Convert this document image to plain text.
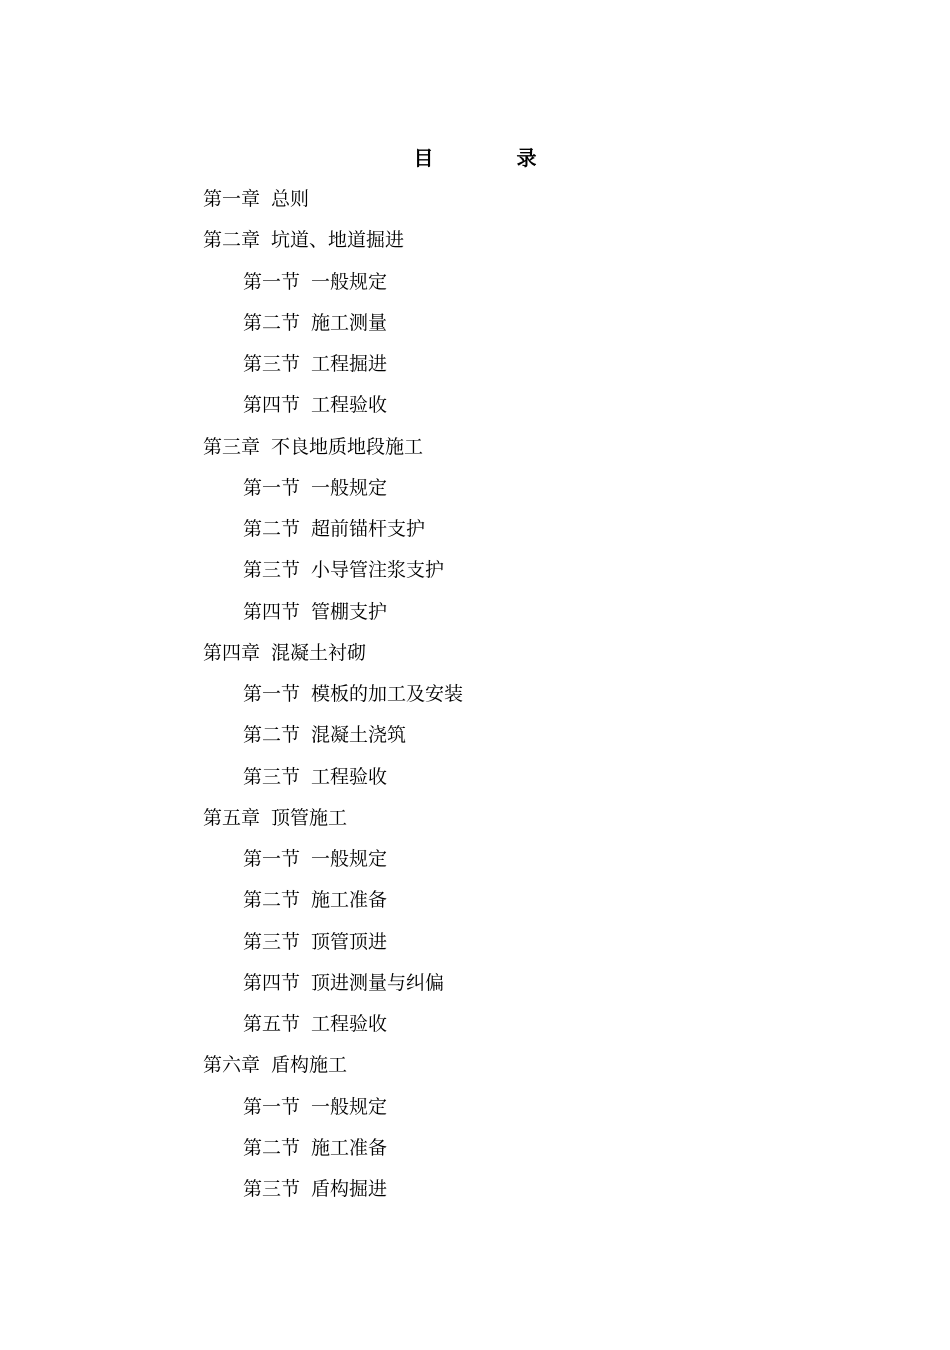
目 录
第一章 总则
第二章 坑道、地道掘进
第一节 一般规定
第二节 施工测量
第三节 工程掘进
第四节 工程验收
第三章 不良地质地段施工
第一节 一般规定
第二节 超前锚杆支护
第三节 小导管注浆支护
第四节 管棚支护
第四章 混凝土衬砌
第一节 模板的加工及安装
第二节 混凝土浇筑
第三节 工程验收
第五章 顶管施工
第一节 一般规定
第二节 施工准备
第三节 顶管顶进
第四节 顶进测量与纠偏
第五节 工程验收
第六章 盾构施工
第一节 一般规定
第二节 施工准备
第三节 盾构掘进
